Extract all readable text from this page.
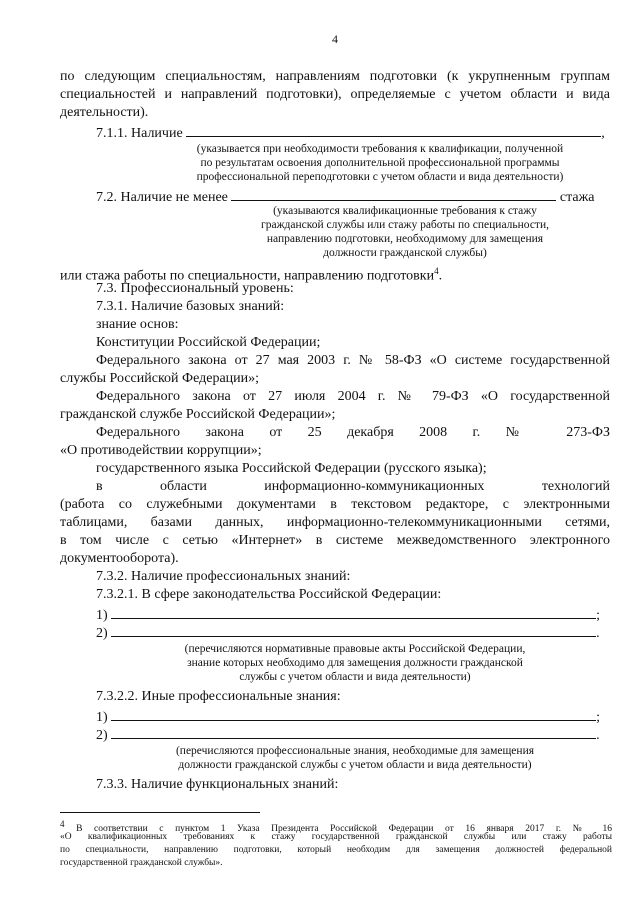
4
по следующим специальностям, направлениям подготовки (к укрупненным группам
специальностей и направлений подготовки), определяемые с учетом области и вида
деятельности).
7.1.1. Наличие	,
(указывается при необходимости требования к квалификации, полученной
по результатам освоения дополнительной профессиональной программы
профессиональной переподготовки с учетом области и вида деятельности)
7.2. Наличие не менее	стажа
(указываются квалификационные требования к стажу
гражданской службы или стажу работы по специальности,
направлению подготовки, необходимому для замещения
должности гражданской службы)
или стажа работы по специальности, направлению подготовки$^4$.
7.3. Профессиональный уровень:
7.3.1. Наличие базовых знаний:
знание основ:
Конституции Российской Федерации;
Федерального закона от 27 мая 2003 г. № 58-ФЗ «О системе государственной
службы Российской Федерации»;
Федерального закона от 27 июля 2004 г. № 79-ФЗ «О государственной
гражданской службе Российской Федерации»;
Федерального закона от 25 декабря 2008 г. № 273-ФЗ
«О противодействии коррупции»;
государственного языка Российской Федерации (русского языка);
в области информационно-коммуникационных технологий
(работа со служебными документами в текстовом редакторе, с электронными
таблицами, базами данных, информационно-телекоммуникационными сетями,
в том числе с сетью «Интернет» в системе межведомственного электронного
документооборота).
7.3.2. Наличие профессиональных знаний:
7.3.2.1. В сфере законодательства Российской Федерации:
1)	;
2)	.
(перечисляются нормативные правовые акты Российской Федерации,
знание которых необходимо для замещения должности гражданской
службы с учетом области и вида деятельности)
7.3.2.2. Иные профессиональные знания:
1)	;
2)	.
(перечисляются профессиональные знания, необходимые для замещения
должности гражданской службы с учетом области и вида деятельности)
7.3.3. Наличие функциональных знаний:
$^4$ В соответствии с пунктом 1 Указа Президента Российской Федерации от 16 января 2017 г. № 16
«О квалификационных требованиях к стажу государственной гражданской службы или стажу работы
по специальности, направлению подготовки, который необходим для замещения должностей федеральной
государственной гражданской службы».
